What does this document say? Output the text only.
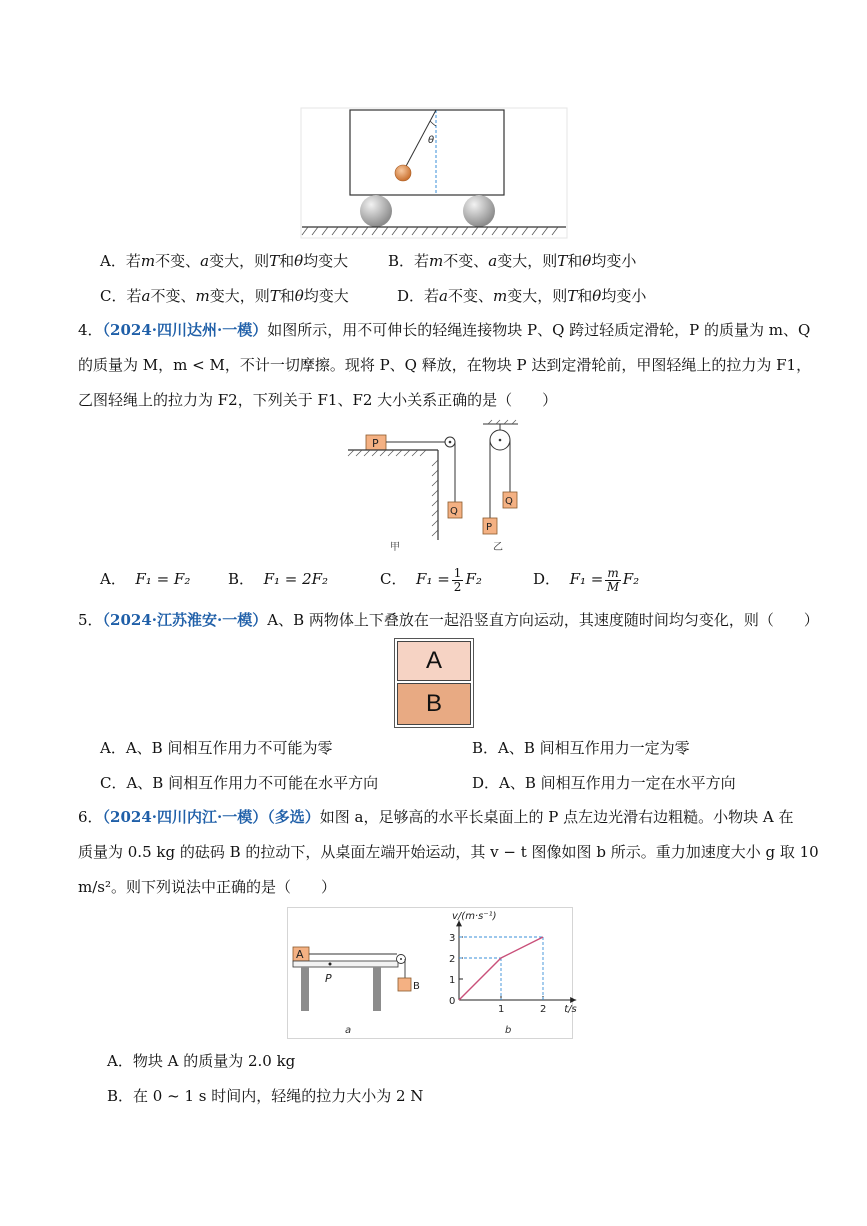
θ
A．若m不变、a变大，则T和θ均变大	B．若m不变、a变大，则T和θ均变小
C．若a不变、m变大，则T和θ均变大	D．若a不变、m变大，则T和θ均变小
4．（2024·四川达州·一模）如图所示，用不可伸长的轻绳连接物块 P、Q 跨过轻质定滑轮，P 的质量为 m、Q
的质量为 M，m < M，不计一切摩擦。现将 P、Q 释放，在物块 P 达到定滑轮前，甲图轻绳上的拉力为 F1，
乙图轻绳上的拉力为 F2，下列关于 F1、F2 大小关系正确的是（　　）
P
Q
甲
P
Q
乙
A． F₁ = F₂	B． F₁ = 2F₂	C． $F_1 = \frac{1}{2} F_2$	D． $F_1 = \frac{m}{M} F_2$
5．（2024·江苏淮安·一模）A、B 两物体上下叠放在一起沿竖直方向运动，其速度随时间均匀变化，则（　　）
A
B
A．A、B 间相互作用力不可能为零	B．A、B 间相互作用力一定为零
C．A、B 间相互作用力不可能在水平方向	D．A、B 间相互作用力一定在水平方向
6．（2024·四川内江·一模）（多选）如图 a，足够高的水平长桌面上的 P 点左边光滑右边粗糙。小物块 A 在
质量为 0.5 kg 的砝码 B 的拉动下，从桌面左端开始运动，其 v − t 图像如图 b 所示。重力加速度大小 g 取 10
m/s²。则下列说法中正确的是（　　）
A
B
P
a
v/(m·s⁻¹)
t/s
0
1
2
3
1	2
b
A．物块 A 的质量为 2.0 kg
B．在 0 ~ 1 s 时间内，轻绳的拉力大小为 2 N
